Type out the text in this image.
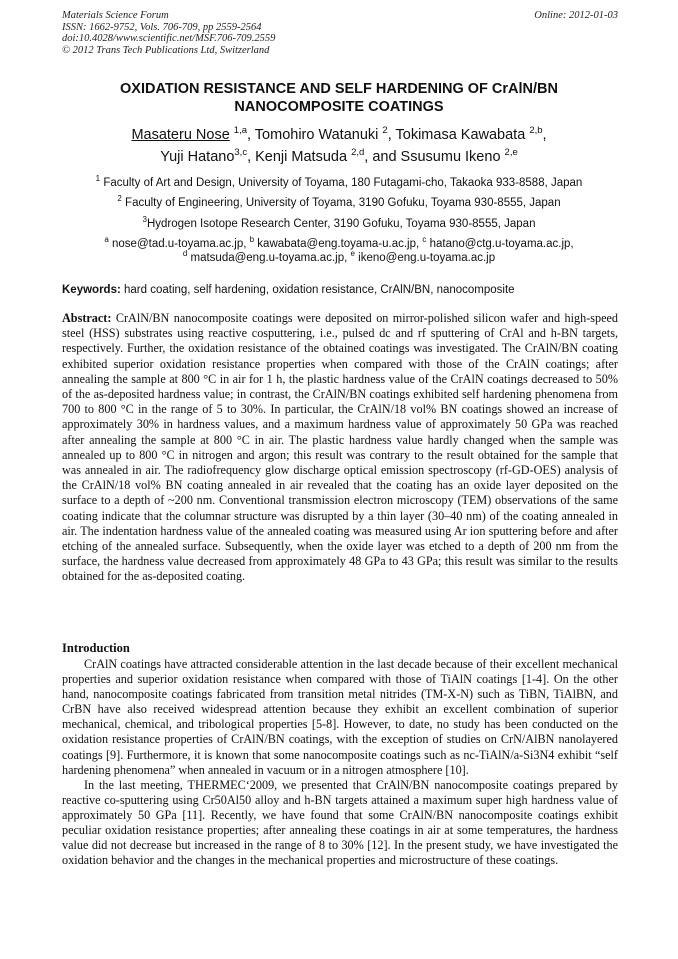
Materials Science Forum	Online: 2012-01-03
ISSN: 1662-9752, Vols. 706-709, pp 2559-2564
doi:10.4028/www.scientific.net/MSF.706-709.2559
© 2012 Trans Tech Publications Ltd, Switzerland
OXIDATION RESISTANCE AND SELF HARDENING OF CrAlN/BN
NANOCOMPOSITE COATINGS
Masateru Nose $^{1,a}$, Tomohiro Watanuki $^2$, Tokimasa Kawabata $^{2,b}$,
Yuji Hatano$^{3,c}$, Kenji Matsuda $^{2,d}$, and Ssusumu Ikeno $^{2,e}$
$^1$ Faculty of Art and Design, University of Toyama, 180 Futagami-cho, Takaoka 933-8588, Japan
$^2$ Faculty of Engineering, University of Toyama, 3190 Gofuku, Toyama 930-8555, Japan
$^3$Hydrogen Isotope Research Center, 3190 Gofuku, Toyama 930-8555, Japan
$^a$ nose@tad.u-toyama.ac.jp, $^b$ kawabata@eng.toyama-u.ac.jp, $^c$ hatano@ctg.u-toyama.ac.jp,
$^d$ matsuda@eng.u-toyama.ac.jp, $^e$ ikeno@eng.u-toyama.ac.jp
Keywords: hard coating, self hardening, oxidation resistance, CrAlN/BN, nanocomposite
Abstract: CrAlN/BN nanocomposite coatings were deposited on mirror-polished silicon wafer and high-speed steel (HSS) substrates using reactive cosputtering, i.e., pulsed dc and rf sputtering of CrAl and h-BN targets, respectively. Further, the oxidation resistance of the obtained coatings was investigated. The CrAlN/BN coating exhibited superior oxidation resistance properties when compared with those of the CrAlN coatings; after annealing the sample at 800 °C in air for 1 h, the plastic hardness value of the CrAlN coatings decreased to 50% of the as-deposited hardness value; in contrast, the CrAlN/BN coatings exhibited self hardening phenomena from 700 to 800 °C in the range of 5 to 30%. In particular, the CrAlN/18 vol% BN coatings showed an increase of approximately 30% in hardness values, and a maximum hardness value of approximately 50 GPa was reached after annealing the sample at 800 °C in air. The plastic hardness value hardly changed when the sample was annealed up to 800 °C in nitrogen and argon; this result was contrary to the result obtained for the sample that was annealed in air. The radiofrequency glow discharge optical emission spectroscopy (rf-GD-OES) analysis of the CrAlN/18 vol% BN coating annealed in air revealed that the coating has an oxide layer deposited on the surface to a depth of ~200 nm. Conventional transmission electron microscopy (TEM) observations of the same coating indicate that the columnar structure was disrupted by a thin layer (30–40 nm) of the coating annealed in air. The indentation hardness value of the annealed coating was measured using Ar ion sputtering before and after etching of the annealed surface. Subsequently, when the oxide layer was etched to a depth of 200 nm from the surface, the hardness value decreased from approximately 48 GPa to 43 GPa; this result was similar to the results obtained for the as-deposited coating.
Introduction

CrAlN coatings have attracted considerable attention in the last decade because of their excellent mechanical properties and superior oxidation resistance when compared with those of TiAlN coatings [1-4]. On the other hand, nanocomposite coatings fabricated from transition metal nitrides (TM-X-N) such as TiBN, TiAlBN, and CrBN have also received widespread attention because they exhibit an excellent combination of superior mechanical, chemical, and tribological properties [5-8]. However, to date, no study has been conducted on the oxidation resistance properties of CrAlN/BN coatings, with the exception of studies on CrN/AlBN nanolayered coatings [9]. Furthermore, it is known that some nanocomposite coatings such as nc-TiAlN/a-Si3N4 exhibit “self hardening phenomena” when annealed in vacuum or in a nitrogen atmosphere [10].

In the last meeting, THERMEC‘2009, we presented that CrAlN/BN nanocomposite coatings prepared by reactive co-sputtering using Cr50Al50 alloy and h-BN targets attained a maximum super high hardness value of approximately 50 GPa [11]. Recently, we have found that some CrAlN/BN nanocomposite coatings exhibit peculiar oxidation resistance properties; after annealing these coatings in air at some temperatures, the hardness value did not decrease but increased in the range of 8 to 30% [12]. In the present study, we have investigated the oxidation behavior and the changes in the mechanical properties and microstructure of these coatings.
